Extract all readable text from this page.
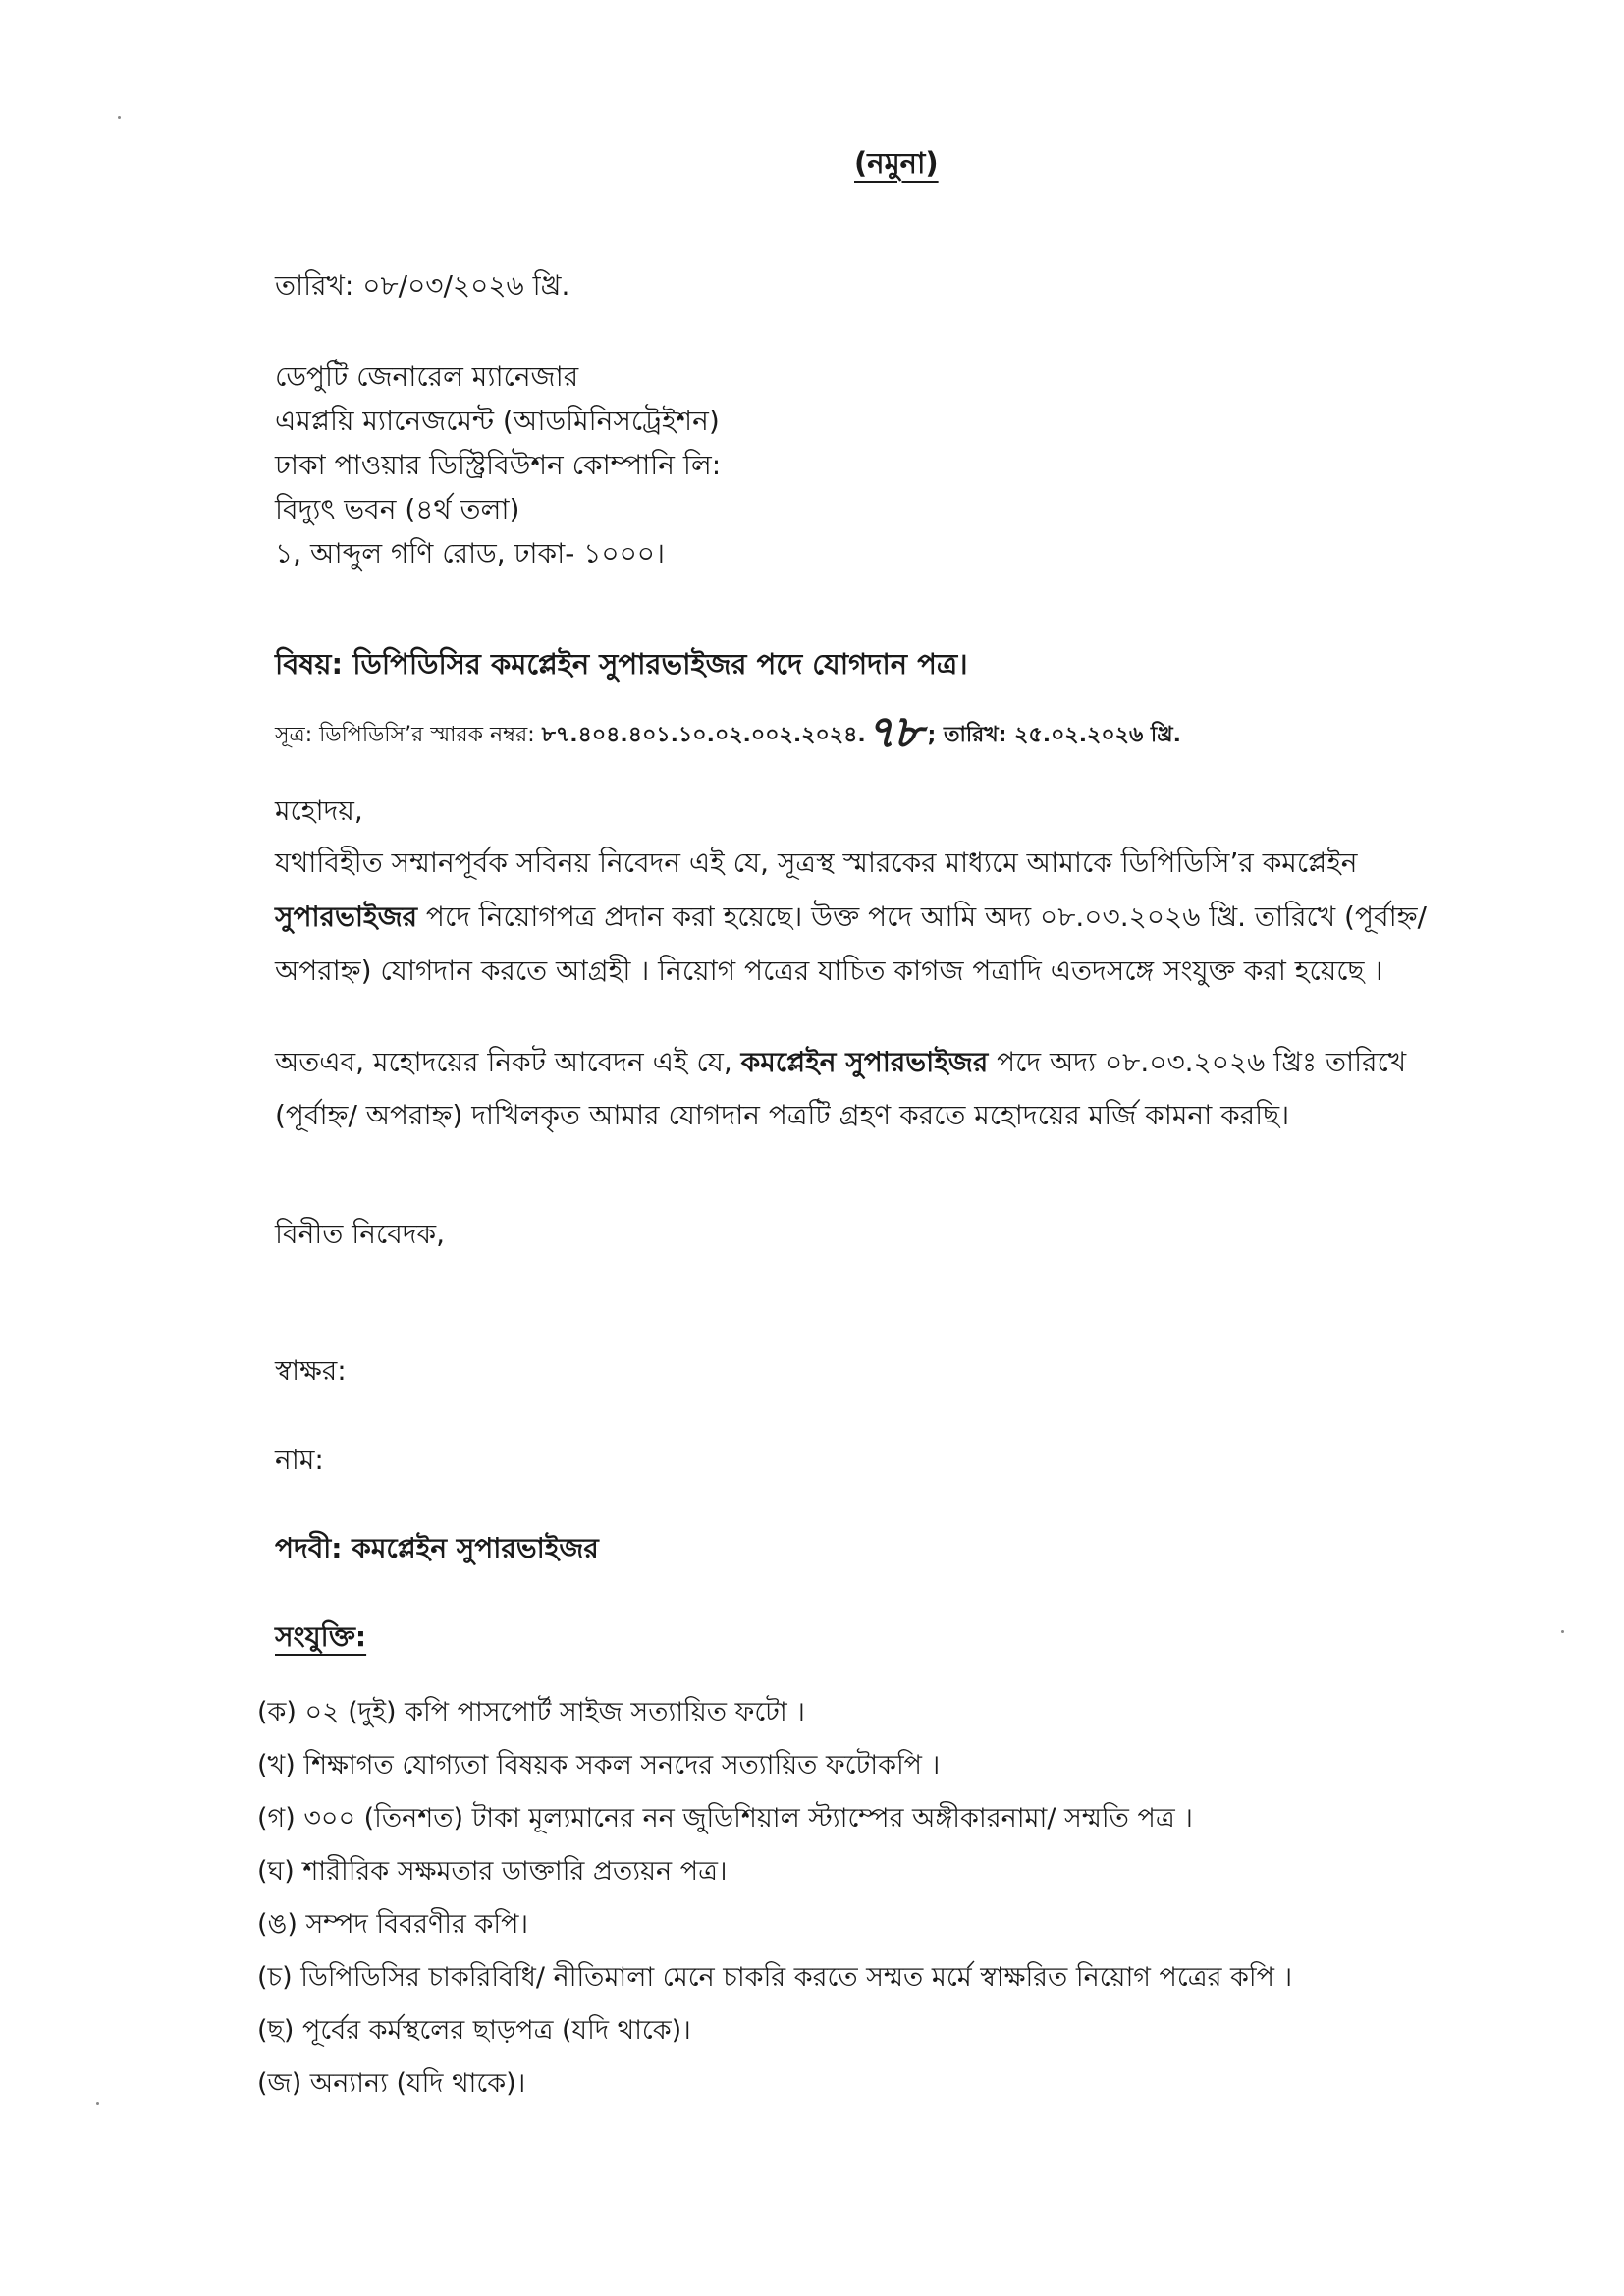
(নমুনা)
তারিখ: ০৮/০৩/২০২৬ খ্রি.
ডেপুটি জেনারেল ম্যানেজার
এমপ্লয়ি ম্যানেজমেন্ট (আডমিনিসট্রেইশন)
ঢাকা পাওয়ার ডিস্ট্রিবিউশন কোম্পানি লি:
বিদ্যুৎ ভবন (৪র্থ তলা)
১, আব্দুল গণি রোড, ঢাকা- ১০০০।
বিষয়: ডিপিডিসির কমপ্লেইন সুপারভাইজর পদে যোগদান পত্র।
সূত্র: ডিপিডিসি’র স্মারক নম্বর: ৮৭.৪০৪.৪০১.১০.০২.০০২.২০২৪.৭৮ ; তারিখ: ২৫.০২.২০২৬ খ্রি.
মহোদয়,
যথাবিহীত সম্মানপূর্বক সবিনয় নিবেদন এই যে, সূত্রস্থ স্মারকের মাধ্যমে আমাকে ডিপিডিসি’র কমপ্লেইন
সুপারভাইজর পদে নিয়োগপত্র প্রদান করা হয়েছে। উক্ত পদে আমি অদ্য ০৮.০৩.২০২৬ খ্রি. তারিখে (পূর্বাহ্ন/
অপরাহ্ন) যোগদান করতে আগ্রহী । নিয়োগ পত্রের যাচিত কাগজ পত্রাদি এতদসঙ্গে সংযুক্ত করা হয়েছে ।
অতএব, মহোদয়ের নিকট আবেদন এই যে, কমপ্লেইন সুপারভাইজর পদে অদ্য ০৮.০৩.২০২৬ খ্রিঃ তারিখে
(পূর্বাহ্ন/ অপরাহ্ন) দাখিলকৃত আমার যোগদান পত্রটি গ্রহণ করতে মহোদয়ের মর্জি কামনা করছি।
বিনীত নিবেদক,
স্বাক্ষর:
নাম:
পদবী: কমপ্লেইন সুপারভাইজর
সংযুক্তি:
(ক) ০২ (দুই) কপি পাসপোর্ট সাইজ সত্যায়িত ফটো ।
(খ) শিক্ষাগত যোগ্যতা বিষয়ক সকল সনদের সত্যায়িত ফটোকপি ।
(গ) ৩০০ (তিনশত) টাকা মূল্যমানের নন জুডিশিয়াল স্ট্যাম্পের অঙ্গীকারনামা/ সম্মতি পত্র ।
(ঘ) শারীরিক সক্ষমতার ডাক্তারি প্রত্যয়ন পত্র।
(ঙ) সম্পদ বিবরণীর কপি।
(চ) ডিপিডিসির চাকরিবিধি/ নীতিমালা মেনে চাকরি করতে সম্মত মর্মে স্বাক্ষরিত নিয়োগ পত্রের কপি ।
(ছ) পূর্বের কর্মস্থলের ছাড়পত্র (যদি থাকে)।
(জ) অন্যান্য (যদি থাকে)।
